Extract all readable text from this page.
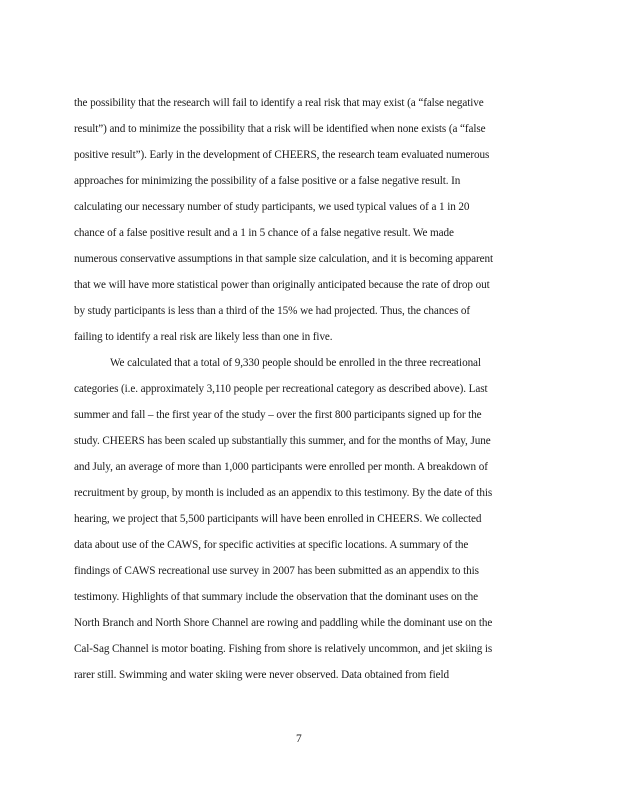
the possibility that the research will fail to identify a real risk that may exist (a “false negative
result”) and to minimize the possibility that a risk will be identified when none exists (a “false
positive result”). Early in the development of CHEERS, the research team evaluated numerous
approaches for minimizing the possibility of a false positive or a false negative result. In
calculating our necessary number of study participants, we used typical values of a 1 in 20
chance of a false positive result and a 1 in 5 chance of a false negative result. We made
numerous conservative assumptions in that sample size calculation, and it is becoming apparent
that we will have more statistical power than originally anticipated because the rate of drop out
by study participants is less than a third of the 15% we had projected. Thus, the chances of
failing to identify a real risk are likely less than one in five.
We calculated that a total of 9,330 people should be enrolled in the three recreational
categories (i.e. approximately 3,110 people per recreational category as described above). Last
summer and fall – the first year of the study – over the first 800 participants signed up for the
study. CHEERS has been scaled up substantially this summer, and for the months of May, June
and July, an average of more than 1,000 participants were enrolled per month. A breakdown of
recruitment by group, by month is included as an appendix to this testimony. By the date of this
hearing, we project that 5,500 participants will have been enrolled in CHEERS. We collected
data about use of the CAWS, for specific activities at specific locations. A summary of the
findings of CAWS recreational use survey in 2007 has been submitted as an appendix to this
testimony. Highlights of that summary include the observation that the dominant uses on the
North Branch and North Shore Channel are rowing and paddling while the dominant use on the
Cal-Sag Channel is motor boating. Fishing from shore is relatively uncommon, and jet skiing is
rarer still. Swimming and water skiing were never observed. Data obtained from field
7
